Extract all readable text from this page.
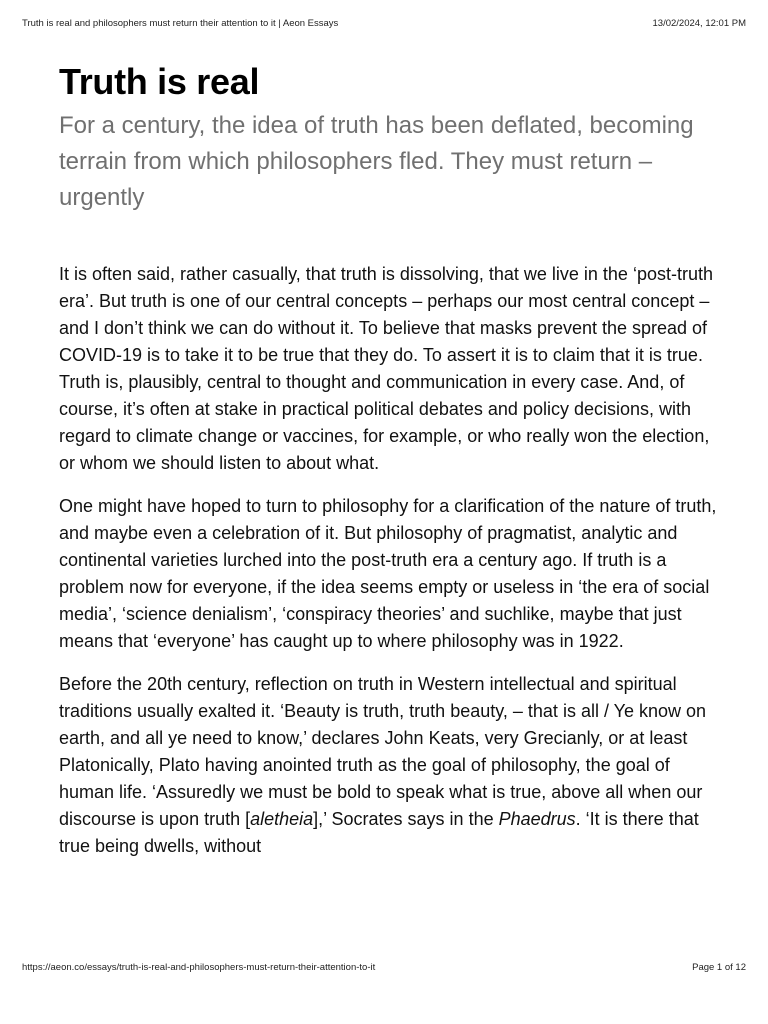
Truth is real and philosophers must return their attention to it | Aeon Essays	13/02/2024, 12:01 PM
Truth is real
For a century, the idea of truth has been deflated, becoming terrain from which philosophers fled. They must return – urgently

It is often said, rather casually, that truth is dissolving, that we live in the ‘post-truth era’. But truth is one of our central concepts – perhaps our most central concept – and I don’t think we can do without it. To believe that masks prevent the spread of COVID-19 is to take it to be true that they do. To assert it is to claim that it is true. Truth is, plausibly, central to thought and communication in every case. And, of course, it’s often at stake in practical political debates and policy decisions, with regard to climate change or vaccines, for example, or who really won the election, or whom we should listen to about what.

One might have hoped to turn to philosophy for a clarification of the nature of truth, and maybe even a celebration of it. But philosophy of pragmatist, analytic and continental varieties lurched into the post-truth era a century ago. If truth is a problem now for everyone, if the idea seems empty or useless in ‘the era of social media’, ‘science denialism’, ‘conspiracy theories’ and suchlike, maybe that just means that ‘everyone’ has caught up to where philosophy was in 1922.

Before the 20th century, reflection on truth in Western intellectual and spiritual traditions usually exalted it. ‘Beauty is truth, truth beauty, – that is all / Ye know on earth, and all ye need to know,’ declares John Keats, very Grecianly, or at least Platonically, Plato having anointed truth as the goal of philosophy, the goal of human life. ‘Assuredly we must be bold to speak what is true, above all when our discourse is upon truth [aletheia],’ Socrates says in the Phaedrus. ‘It is there that true being dwells, without

https://aeon.co/essays/truth-is-real-and-philosophers-must-return-their-attention-to-it	Page 1 of 12
